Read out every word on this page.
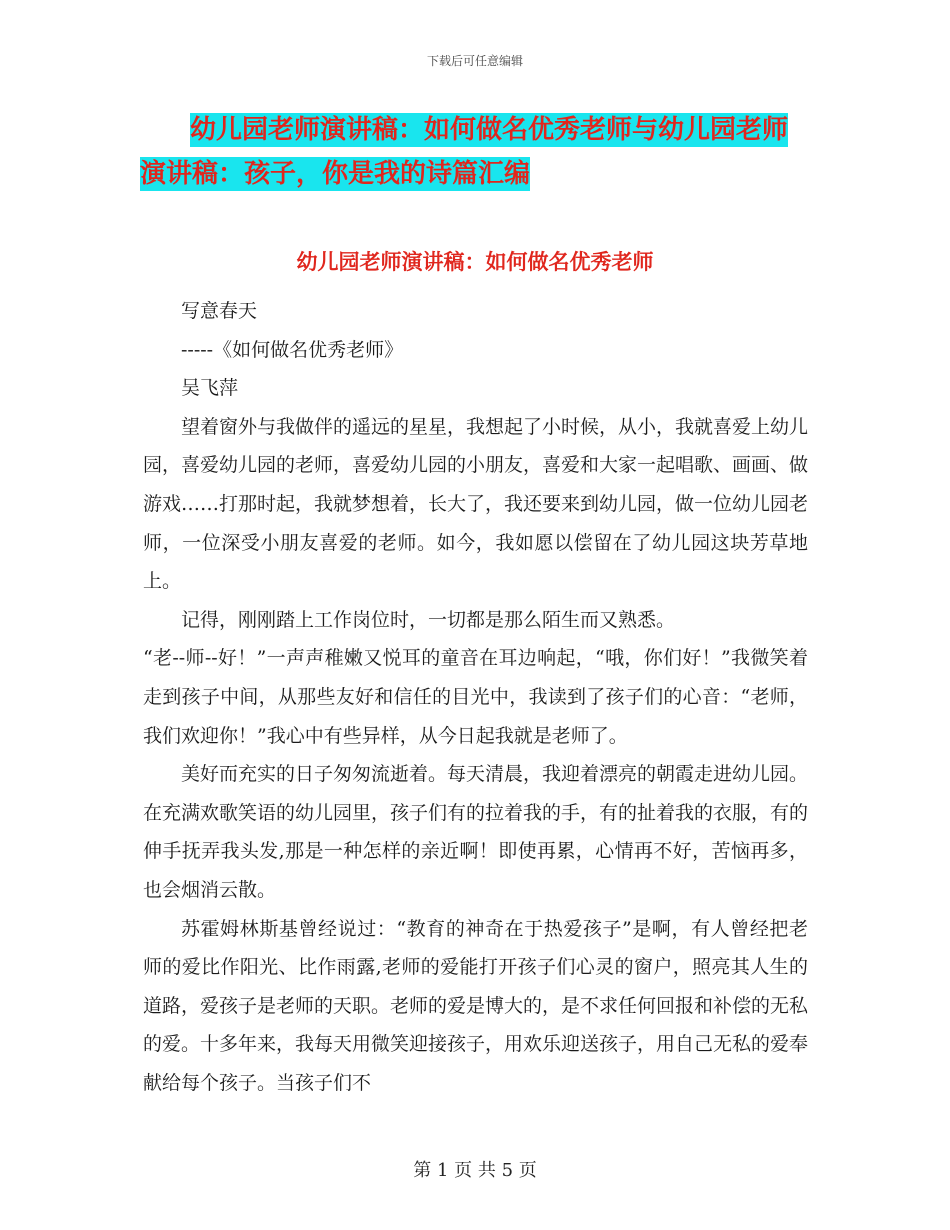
下载后可任意编辑
幼儿园老师演讲稿：如何做名优秀老师与幼儿园老师
演讲稿：孩子，你是我的诗篇汇编
幼儿园老师演讲稿：如何做名优秀老师

写意春天

-----《如何做名优秀老师》

吴飞萍

望着窗外与我做伴的遥远的星星，我想起了小时候，从小，我就喜爱上幼儿园，喜爱幼儿园的老师，喜爱幼儿园的小朋友，喜爱和大家一起唱歌、画画、做游戏……打那时起，我就梦想着，长大了，我还要来到幼儿园，做一位幼儿园老师，一位深受小朋友喜爱的老师。如今，我如愿以偿留在了幼儿园这块芳草地上。

记得，刚刚踏上工作岗位时，一切都是那么陌生而又熟悉。

“老--师--好！”一声声稚嫩又悦耳的童音在耳边响起，“哦，你们好！”我微笑着走到孩子中间，从那些友好和信任的目光中，我读到了孩子们的心音：“老师，我们欢迎你！”我心中有些异样，从今日起我就是老师了。

美好而充实的日子匆匆流逝着。每天清晨，我迎着漂亮的朝霞走进幼儿园。在充满欢歌笑语的幼儿园里，孩子们有的拉着我的手，有的扯着我的衣服，有的伸手抚弄我头发,那是一种怎样的亲近啊！即使再累，心情再不好，苦恼再多，也会烟消云散。

苏霍姆林斯基曾经说过：“教育的神奇在于热爱孩子”是啊，有人曾经把老师的爱比作阳光、比作雨露,老师的爱能打开孩子们心灵的窗户，照亮其人生的道路，爱孩子是老师的天职。老师的爱是博大的，是不求任何回报和补偿的无私的爱。十多年来，我每天用微笑迎接孩子，用欢乐迎送孩子，用自己无私的爱奉献给每个孩子。当孩子们不

第 1 页 共 5 页
